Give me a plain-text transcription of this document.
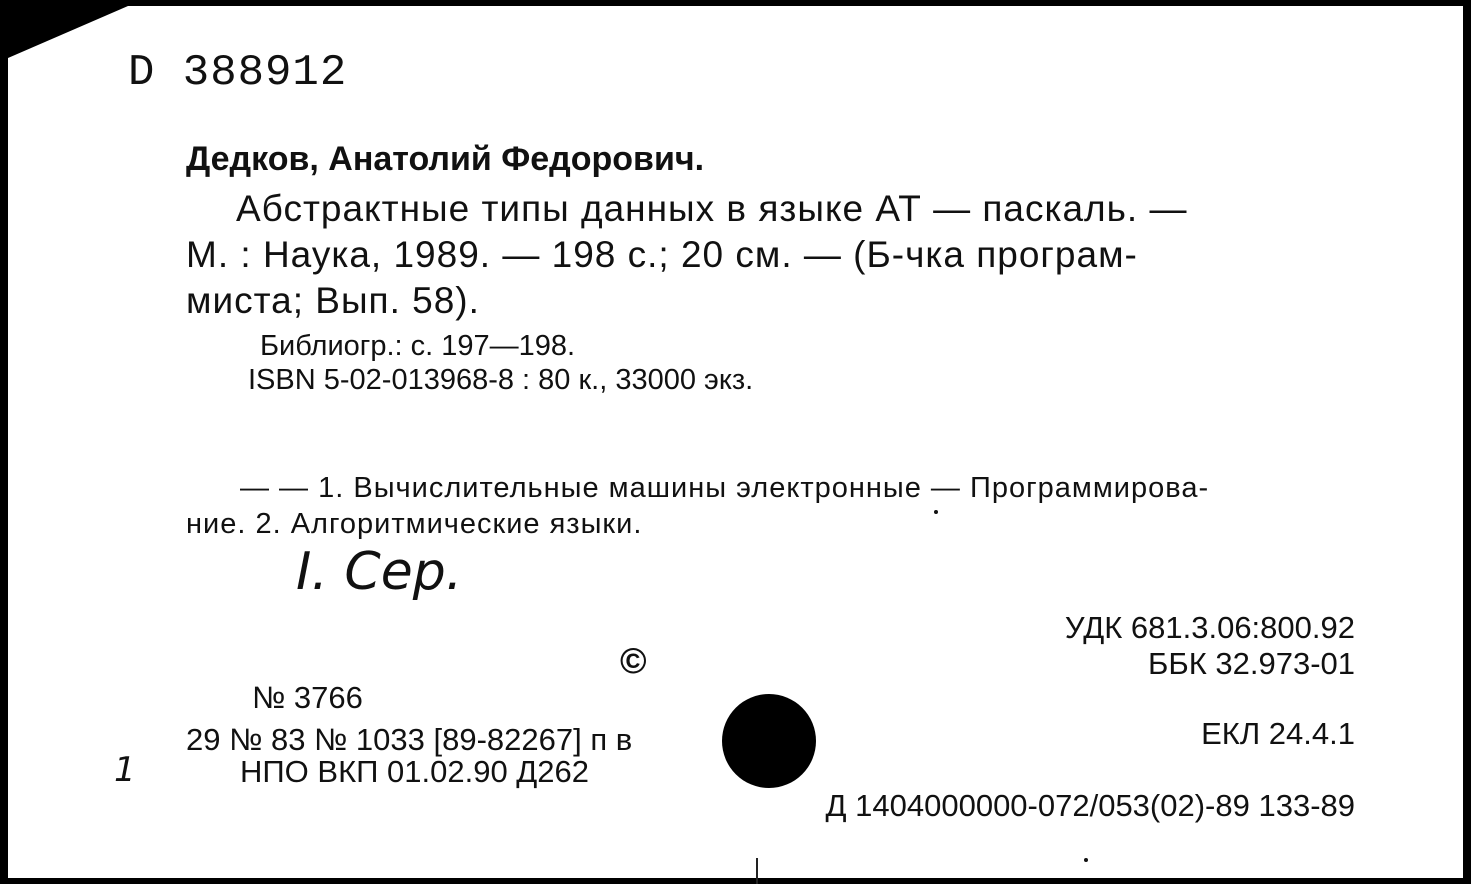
D 388912
Дедков, Анатолий Федорович.
Абстрактные типы данных в языке АТ — паскаль. —
М. : Наука, 1989. — 198 с.; 20 см. — (Б-чка програм-
миста; Вып. 58).
Библиогр.: с. 197—198.
ISBN 5-02-013968-8 : 80 к., 33000 экз.
— — 1. Вычислительные машины электронные — Программирова-
ние. 2. Алгоритмические языки.
I. Сер.
©
УДК 681.3.06:800.92
ББК 32.973-01
№ 3766
29 № 83 № 1033 [89-82267] п в	ЕКЛ 24.4.1
1	НПО ВКП 01.02.90 Д262
Д 1404000000-072/053(02)-89 133-89
